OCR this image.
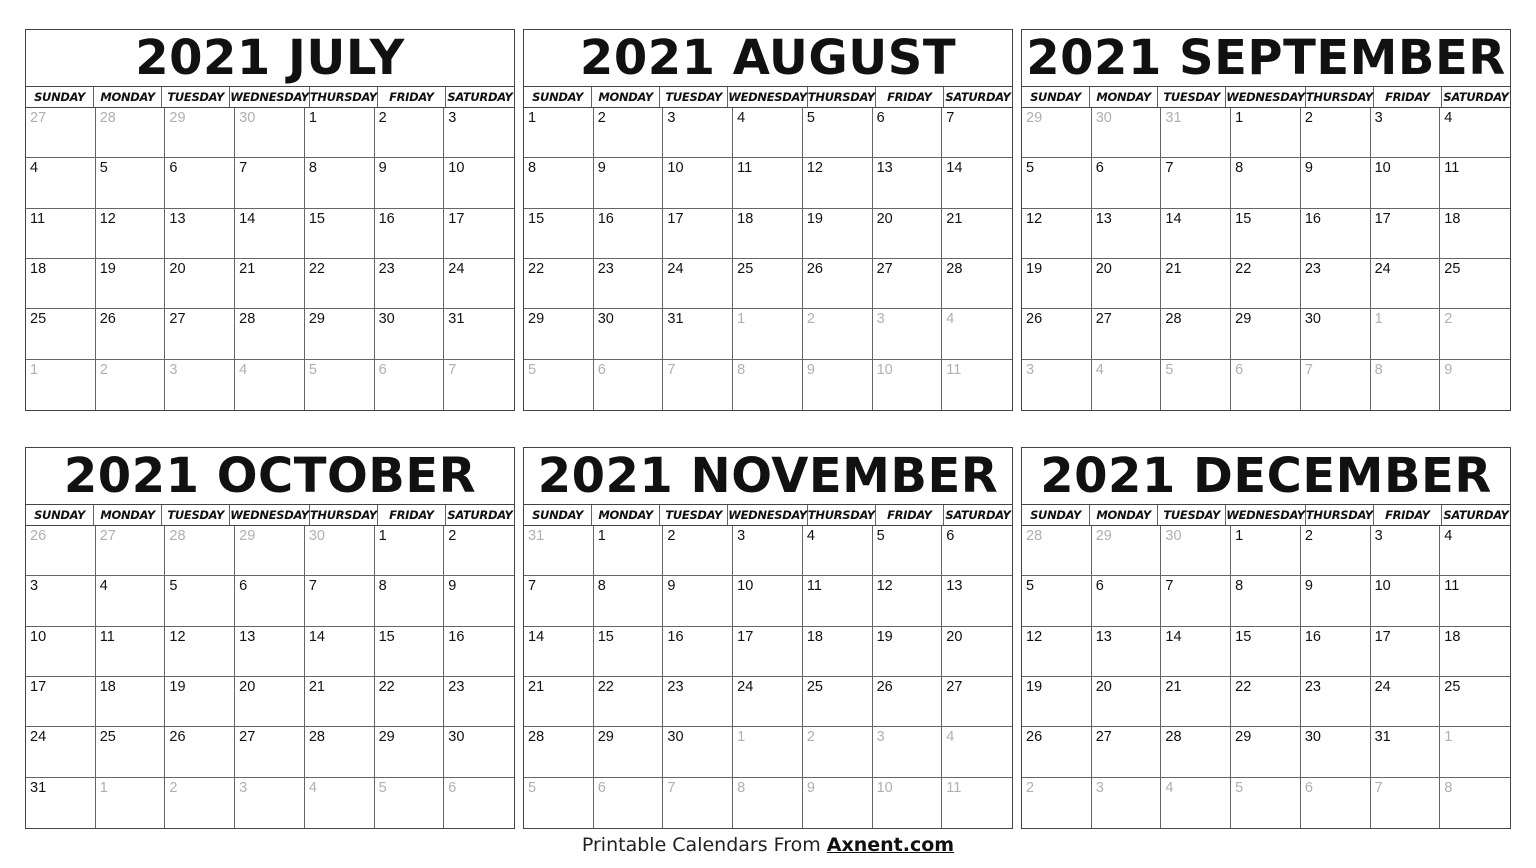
2021 JULY
SUNDAY	MONDAY	TUESDAY WEDNESDAY THURSDAY	FRIDAY	SATURDAY
27	28	29	30	1	2	3
4	5	6	7	8	9	10
11	12	13	14	15	16	17
18	19	20	21	22	23	24
25	26	27	28	29	30	31
1	2	3	4	5	6	7
2021 AUGUST
SUNDAY	MONDAY	TUESDAY WEDNESDAY THURSDAY	FRIDAY	SATURDAY
1	2	3	4	5	6	7
8	9	10	11	12	13	14
15	16	17	18	19	20	21
22	23	24	25	26	27	28
29	30	31	1	2	3	4
5	6	7	8	9	10	11
2021 SEPTEMBER
SUNDAY	MONDAY	TUESDAY WEDNESDAY THURSDAY	FRIDAY	SATURDAY
29	30	31	1	2	3	4
5	6	7	8	9	10	11
12	13	14	15	16	17	18
19	20	21	22	23	24	25
26	27	28	29	30	1	2
3	4	5	6	7	8	9
2021 OCTOBER
SUNDAY	MONDAY	TUESDAY WEDNESDAY THURSDAY	FRIDAY	SATURDAY
26	27	28	29	30	1	2
3	4	5	6	7	8	9
10	11	12	13	14	15	16
17	18	19	20	21	22	23
24	25	26	27	28	29	30
31	1	2	3	4	5	6
2021 NOVEMBER
SUNDAY	MONDAY	TUESDAY WEDNESDAY THURSDAY	FRIDAY	SATURDAY
31	1	2	3	4	5	6
7	8	9	10	11	12	13
14	15	16	17	18	19	20
21	22	23	24	25	26	27
28	29	30	1	2	3	4
5	6	7	8	9	10	11
2021 DECEMBER
SUNDAY	MONDAY	TUESDAY WEDNESDAY THURSDAY	FRIDAY	SATURDAY
28	29	30	1	2	3	4
5	6	7	8	9	10	11
12	13	14	15	16	17	18
19	20	21	22	23	24	25
26	27	28	29	30	31	1
2	3	4	5	6	7	8
Printable Calendars From Axnent.com
